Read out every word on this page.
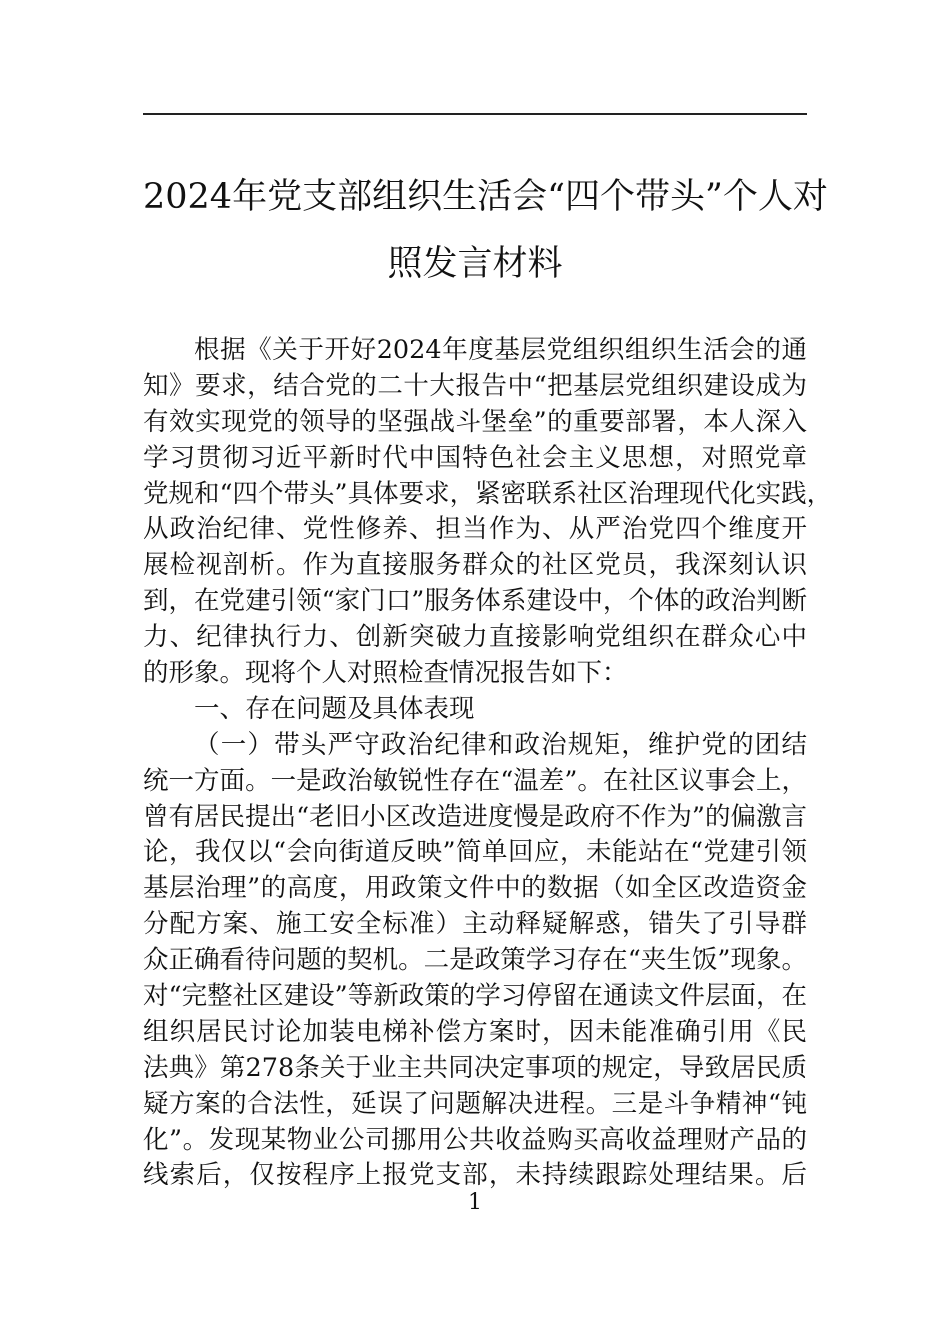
2024年党支部组织生活会“四个带头”个人对
照发言材料
根据《关于开好2024年度基层党组织组织生活会的通
知》要求，结合党的二十大报告中“把基层党组织建设成为
有效实现党的领导的坚强战斗堡垒”的重要部署，本人深入
学习贯彻习近平新时代中国特色社会主义思想，对照党章
党规和“四个带头”具体要求，紧密联系社区治理现代化实践，
从政治纪律、党性修养、担当作为、从严治党四个维度开
展检视剖析。作为直接服务群众的社区党员，我深刻认识
到，在党建引领“家门口”服务体系建设中，个体的政治判断
力、纪律执行力、创新突破力直接影响党组织在群众心中
的形象。现将个人对照检查情况报告如下：
一、存在问题及具体表现
（一）带头严守政治纪律和政治规矩，维护党的团结
统一方面。一是政治敏锐性存在“温差”。在社区议事会上，
曾有居民提出“老旧小区改造进度慢是政府不作为”的偏激言
论，我仅以“会向街道反映”简单回应，未能站在“党建引领
基层治理”的高度，用政策文件中的数据（如全区改造资金
分配方案、施工安全标准）主动释疑解惑，错失了引导群
众正确看待问题的契机。二是政策学习存在“夹生饭”现象。
对“完整社区建设”等新政策的学习停留在通读文件层面，在
组织居民讨论加装电梯补偿方案时，因未能准确引用《民
法典》第278条关于业主共同决定事项的规定，导致居民质
疑方案的合法性，延误了问题解决进程。三是斗争精神“钝
化”。发现某物业公司挪用公共收益购买高收益理财产品的
线索后，仅按程序上报党支部，未持续跟踪处理结果。后
1
